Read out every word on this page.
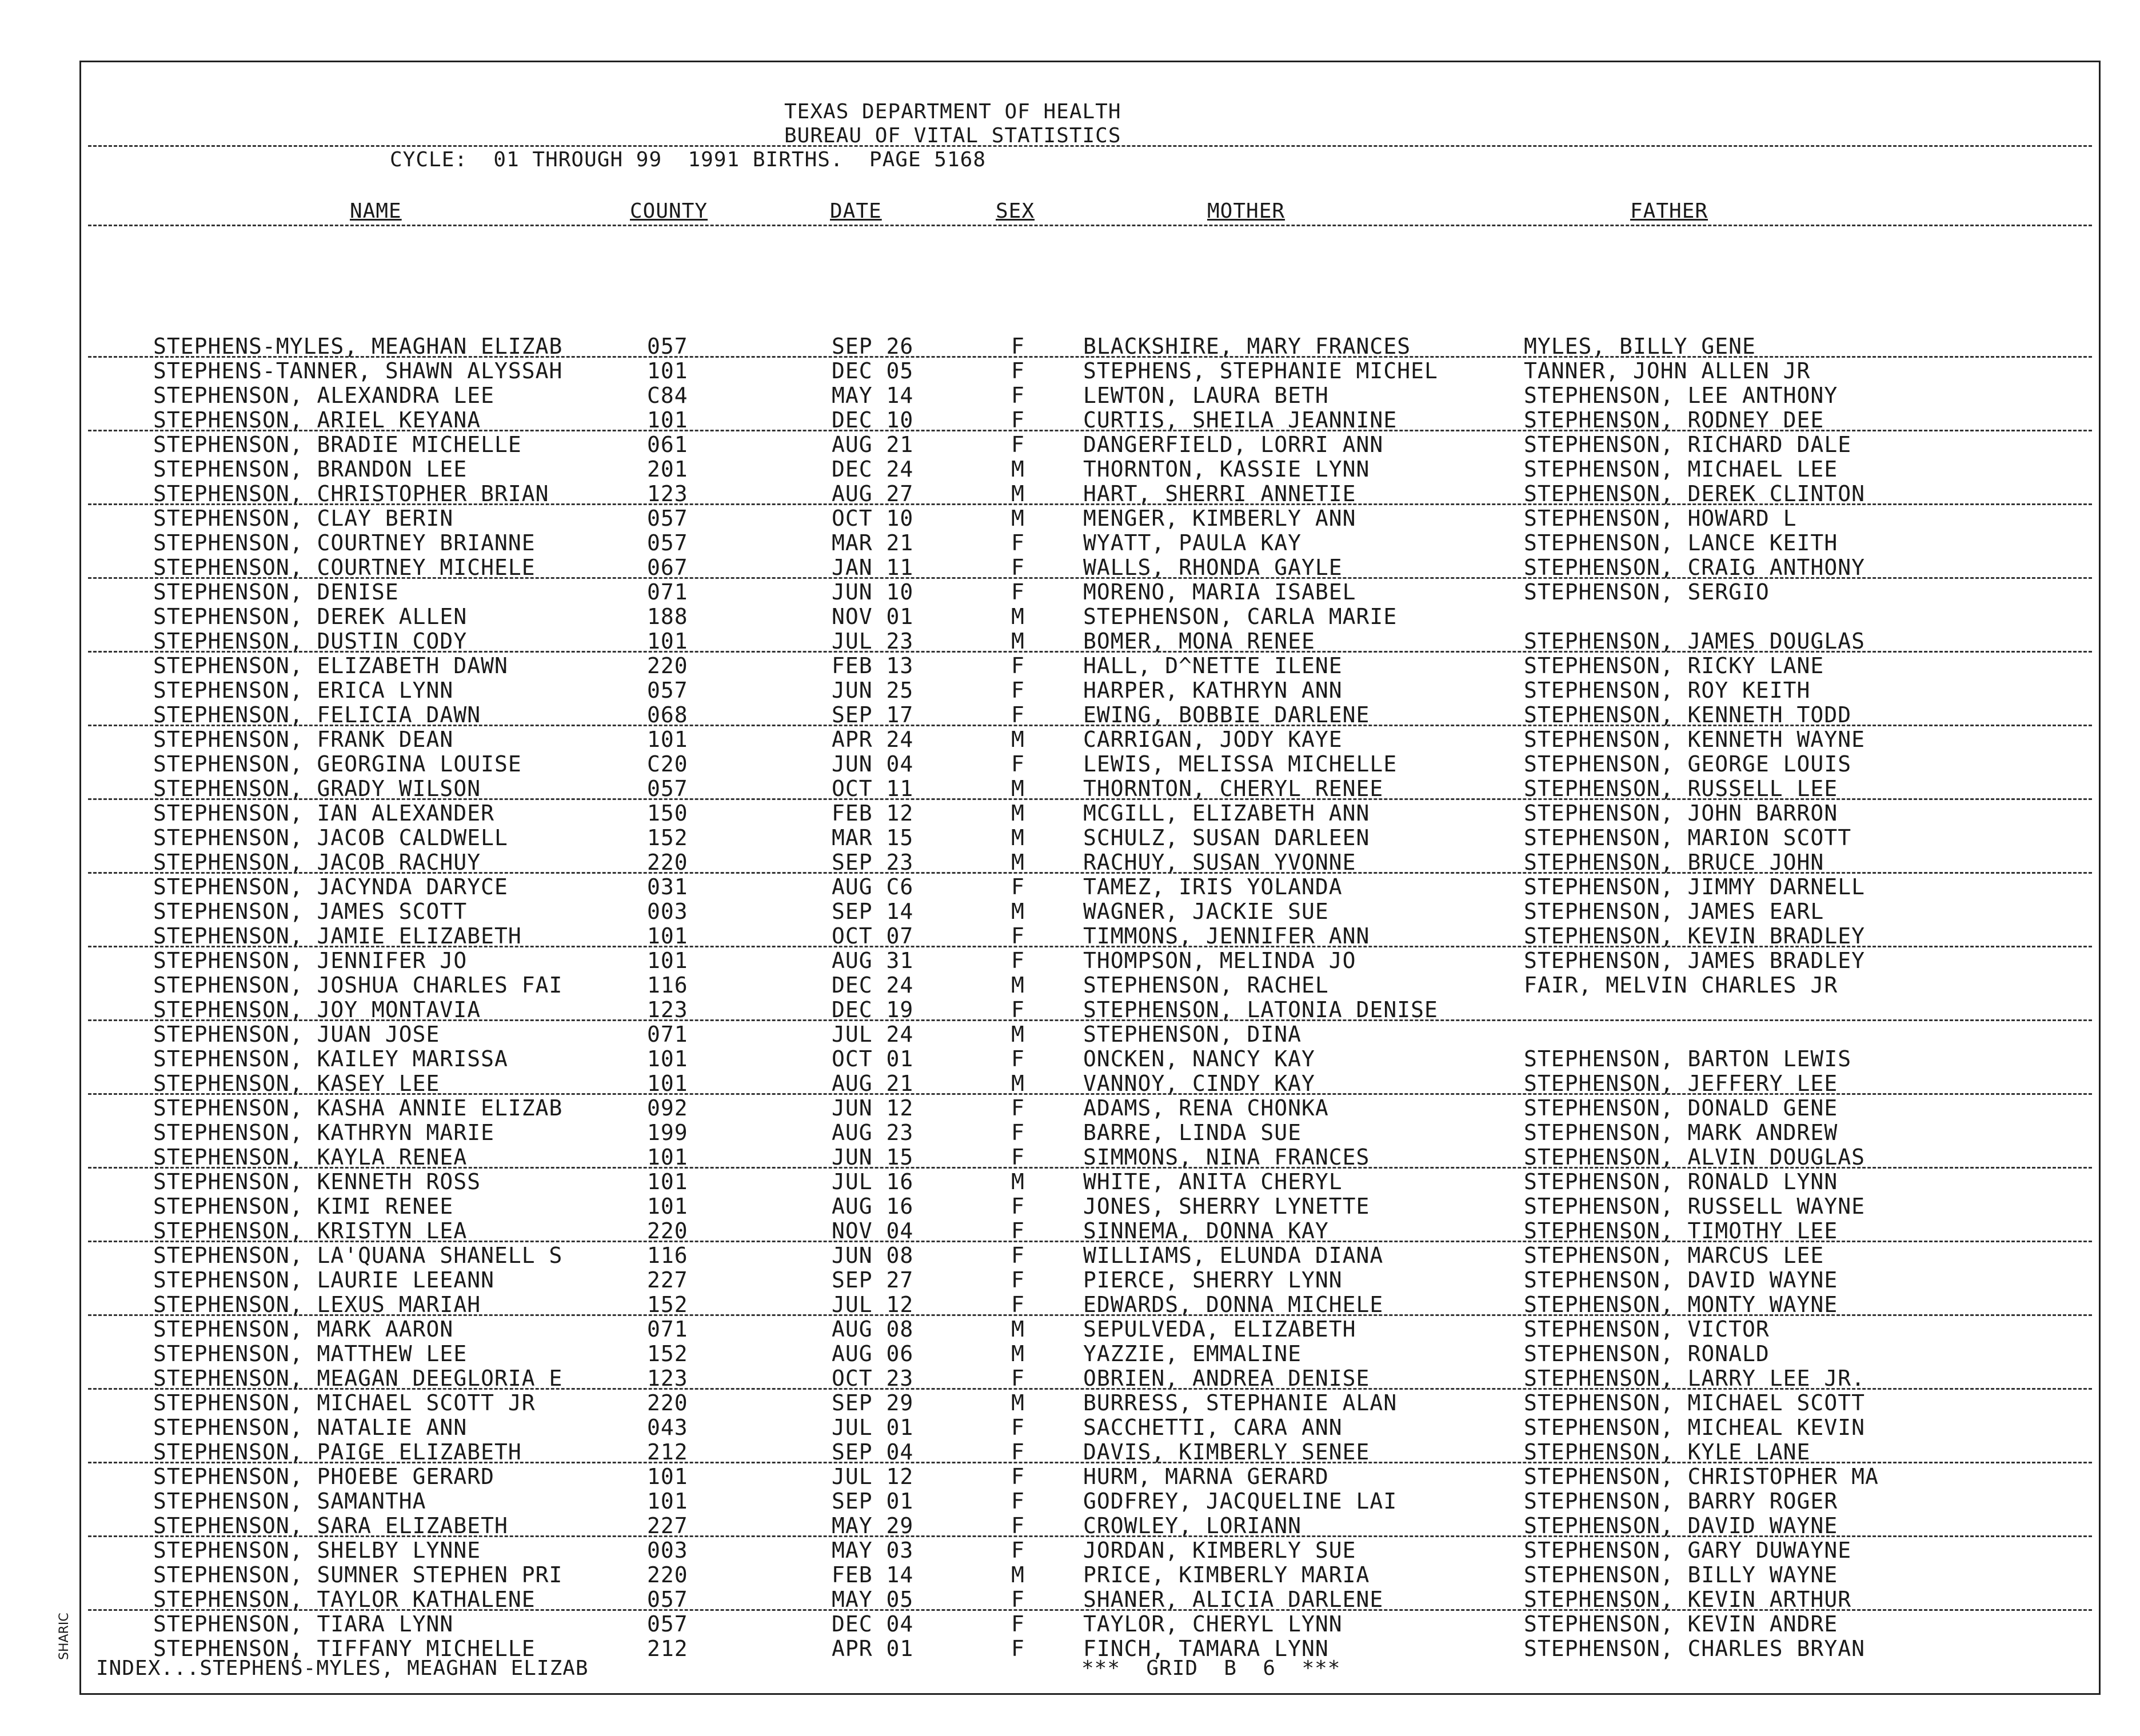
TEXAS DEPARTMENT OF HEALTH
BUREAU OF VITAL STATISTICS
CYCLE:  01 THROUGH 99  1991 BIRTHS.  PAGE 5168
NAME	COUNTY	DATE	SEX	MOTHER	FATHER
STEPHENS-MYLES, MEAGHAN ELIZAB	057	SEP 26	F	BLACKSHIRE, MARY FRANCES	MYLES, BILLY GENE
STEPHENS-TANNER, SHAWN ALYSSAH	101	DEC 05	F	STEPHENS, STEPHANIE MICHEL	TANNER, JOHN ALLEN JR
STEPHENSON, ALEXANDRA LEE	C84	MAY 14	F	LEWTON, LAURA BETH	STEPHENSON, LEE ANTHONY
STEPHENSON, ARIEL KEYANA	101	DEC 10	F	CURTIS, SHEILA JEANNINE	STEPHENSON, RODNEY DEE
STEPHENSON, BRADIE MICHELLE	061	AUG 21	F	DANGERFIELD, LORRI ANN	STEPHENSON, RICHARD DALE
STEPHENSON, BRANDON LEE	201	DEC 24	M	THORNTON, KASSIE LYNN	STEPHENSON, MICHAEL LEE
STEPHENSON, CHRISTOPHER BRIAN	123	AUG 27	M	HART, SHERRI ANNETIE	STEPHENSON, DEREK CLINTON
STEPHENSON, CLAY BERIN	057	OCT 10	M	MENGER, KIMBERLY ANN	STEPHENSON, HOWARD L
STEPHENSON, COURTNEY BRIANNE	057	MAR 21	F	WYATT, PAULA KAY	STEPHENSON, LANCE KEITH
STEPHENSON, COURTNEY MICHELE	067	JAN 11	F	WALLS, RHONDA GAYLE	STEPHENSON, CRAIG ANTHONY
STEPHENSON, DENISE	071	JUN 10	F	MORENO, MARIA ISABEL	STEPHENSON, SERGIO
STEPHENSON, DEREK ALLEN	188	NOV 01	M	STEPHENSON, CARLA MARIE
STEPHENSON, DUSTIN CODY	101	JUL 23	M	BOMER, MONA RENEE	STEPHENSON, JAMES DOUGLAS
STEPHENSON, ELIZABETH DAWN	220	FEB 13	F	HALL, D^NETTE ILENE	STEPHENSON, RICKY LANE
STEPHENSON, ERICA LYNN	057	JUN 25	F	HARPER, KATHRYN ANN	STEPHENSON, ROY KEITH
STEPHENSON, FELICIA DAWN	068	SEP 17	F	EWING, BOBBIE DARLENE	STEPHENSON, KENNETH TODD
STEPHENSON, FRANK DEAN	101	APR 24	M	CARRIGAN, JODY KAYE	STEPHENSON, KENNETH WAYNE
STEPHENSON, GEORGINA LOUISE	C20	JUN 04	F	LEWIS, MELISSA MICHELLE	STEPHENSON, GEORGE LOUIS
STEPHENSON, GRADY WILSON	057	OCT 11	M	THORNTON, CHERYL RENEE	STEPHENSON, RUSSELL LEE
STEPHENSON, IAN ALEXANDER	150	FEB 12	M	MCGILL, ELIZABETH ANN	STEPHENSON, JOHN BARRON
STEPHENSON, JACOB CALDWELL	152	MAR 15	M	SCHULZ, SUSAN DARLEEN	STEPHENSON, MARION SCOTT
STEPHENSON, JACOB RACHUY	220	SEP 23	M	RACHUY, SUSAN YVONNE	STEPHENSON, BRUCE JOHN
STEPHENSON, JACYNDA DARYCE	031	AUG C6	F	TAMEZ, IRIS YOLANDA	STEPHENSON, JIMMY DARNELL
STEPHENSON, JAMES SCOTT	003	SEP 14	M	WAGNER, JACKIE SUE	STEPHENSON, JAMES EARL
STEPHENSON, JAMIE ELIZABETH	101	OCT 07	F	TIMMONS, JENNIFER ANN	STEPHENSON, KEVIN BRADLEY
STEPHENSON, JENNIFER JO	101	AUG 31	F	THOMPSON, MELINDA JO	STEPHENSON, JAMES BRADLEY
STEPHENSON, JOSHUA CHARLES FAI	116	DEC 24	M	STEPHENSON, RACHEL	FAIR, MELVIN CHARLES JR
STEPHENSON, JOY MONTAVIA	123	DEC 19	F	STEPHENSON, LATONIA DENISE
STEPHENSON, JUAN JOSE	071	JUL 24	M	STEPHENSON, DINA
STEPHENSON, KAILEY MARISSA	101	OCT 01	F	ONCKEN, NANCY KAY	STEPHENSON, BARTON LEWIS
STEPHENSON, KASEY LEE	101	AUG 21	M	VANNOY, CINDY KAY	STEPHENSON, JEFFERY LEE
STEPHENSON, KASHA ANNIE ELIZAB	092	JUN 12	F	ADAMS, RENA CHONKA	STEPHENSON, DONALD GENE
STEPHENSON, KATHRYN MARIE	199	AUG 23	F	BARRE, LINDA SUE	STEPHENSON, MARK ANDREW
STEPHENSON, KAYLA RENEA	101	JUN 15	F	SIMMONS, NINA FRANCES	STEPHENSON, ALVIN DOUGLAS
STEPHENSON, KENNETH ROSS	101	JUL 16	M	WHITE, ANITA CHERYL	STEPHENSON, RONALD LYNN
STEPHENSON, KIMI RENEE	101	AUG 16	F	JONES, SHERRY LYNETTE	STEPHENSON, RUSSELL WAYNE
STEPHENSON, KRISTYN LEA	220	NOV 04	F	SINNEMA, DONNA KAY	STEPHENSON, TIMOTHY LEE
STEPHENSON, LA'QUANA SHANELL S	116	JUN 08	F	WILLIAMS, ELUNDA DIANA	STEPHENSON, MARCUS LEE
STEPHENSON, LAURIE LEEANN	227	SEP 27	F	PIERCE, SHERRY LYNN	STEPHENSON, DAVID WAYNE
STEPHENSON, LEXUS MARIAH	152	JUL 12	F	EDWARDS, DONNA MICHELE	STEPHENSON, MONTY WAYNE
STEPHENSON, MARK AARON	071	AUG 08	M	SEPULVEDA, ELIZABETH	STEPHENSON, VICTOR
STEPHENSON, MATTHEW LEE	152	AUG 06	M	YAZZIE, EMMALINE	STEPHENSON, RONALD
STEPHENSON, MEAGAN DEEGLORIA E	123	OCT 23	F	OBRIEN, ANDREA DENISE	STEPHENSON, LARRY LEE JR.
STEPHENSON, MICHAEL SCOTT JR	220	SEP 29	M	BURRESS, STEPHANIE ALAN	STEPHENSON, MICHAEL SCOTT
STEPHENSON, NATALIE ANN	043	JUL 01	F	SACCHETTI, CARA ANN	STEPHENSON, MICHEAL KEVIN
STEPHENSON, PAIGE ELIZABETH	212	SEP 04	F	DAVIS, KIMBERLY SENEE	STEPHENSON, KYLE LANE
STEPHENSON, PHOEBE GERARD	101	JUL 12	F	HURM, MARNA GERARD	STEPHENSON, CHRISTOPHER MA
STEPHENSON, SAMANTHA	101	SEP 01	F	GODFREY, JACQUELINE LAI	STEPHENSON, BARRY ROGER
STEPHENSON, SARA ELIZABETH	227	MAY 29	F	CROWLEY, LORIANN	STEPHENSON, DAVID WAYNE
STEPHENSON, SHELBY LYNNE	003	MAY 03	F	JORDAN, KIMBERLY SUE	STEPHENSON, GARY DUWAYNE
STEPHENSON, SUMNER STEPHEN PRI	220	FEB 14	M	PRICE, KIMBERLY MARIA	STEPHENSON, BILLY WAYNE
STEPHENSON, TAYLOR KATHALENE	057	MAY 05	F	SHANER, ALICIA DARLENE	STEPHENSON, KEVIN ARTHUR
STEPHENSON, TIARA LYNN	057	DEC 04	F	TAYLOR, CHERYL LYNN	STEPHENSON, KEVIN ANDRE
STEPHENSON, TIFFANY MICHELLE	212	APR 01	F	FINCH, TAMARA LYNN	STEPHENSON, CHARLES BRYAN
INDEX...STEPHENS-MYLES, MEAGHAN ELIZAB	***  GRID  B  6  ***
SHARIC
